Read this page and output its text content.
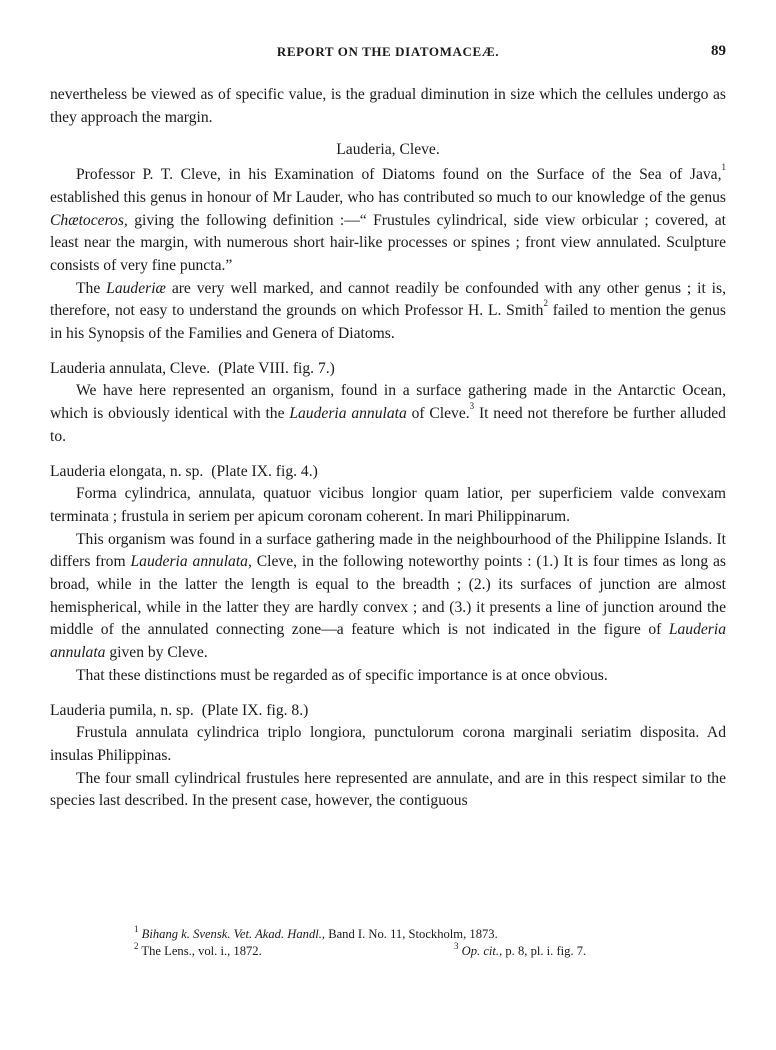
REPORT ON THE DIATOMACEÆ.	89

nevertheless be viewed as of specific value, is the gradual diminution in size which the cellules undergo as they approach the margin.

Lauderia, Cleve.

Professor P. T. Cleve, in his Examination of Diatoms found on the Surface of the Sea of Java,$^1$ established this genus in honour of Mr Lauder, who has contributed so much to our knowledge of the genus Chætoceros, giving the following definition :—“ Frustules cylindrical, side view orbicular ; covered, at least near the margin, with numerous short hair-like processes or spines ; front view annulated. Sculpture consists of very fine puncta.”

The Lauderiæ are very well marked, and cannot readily be confounded with any other genus ; it is, therefore, not easy to understand the grounds on which Professor H. L. Smith$^2$ failed to mention the genus in his Synopsis of the Families and Genera of Diatoms.

Lauderia annulata, Cleve. (Plate VIII. fig. 7.)

We have here represented an organism, found in a surface gathering made in the Antarctic Ocean, which is obviously identical with the Lauderia annulata of Cleve.$^3$ It need not therefore be further alluded to.

Lauderia elongata, n. sp. (Plate IX. fig. 4.)

Forma cylindrica, annulata, quatuor vicibus longior quam latior, per superficiem valde convexam terminata ; frustula in seriem per apicum coronam coherent. In mari Philippinarum.

This organism was found in a surface gathering made in the neighbourhood of the Philippine Islands. It differs from Lauderia annulata, Cleve, in the following noteworthy points : (1.) It is four times as long as broad, while in the latter the length is equal to the breadth ; (2.) its surfaces of junction are almost hemispherical, while in the latter they are hardly convex ; and (3.) it presents a line of junction around the middle of the annulated connecting zone—a feature which is not indicated in the figure of Lauderia annulata given by Cleve.

That these distinctions must be regarded as of specific importance is at once obvious.

Lauderia pumila, n. sp. (Plate IX. fig. 8.)

Frustula annulata cylindrica triplo longiora, punctulorum corona marginali seriatim disposita. Ad insulas Philippinas.

The four small cylindrical frustules here represented are annulate, and are in this respect similar to the species last described. In the present case, however, the contiguous

$^1$ Bihang k. Svensk. Vet. Akad. Handl., Band I. No. 11, Stockholm, 1873.
$^2$ The Lens., vol. i., 1872.	$^3$ Op. cit., p. 8, pl. i. fig. 7.
